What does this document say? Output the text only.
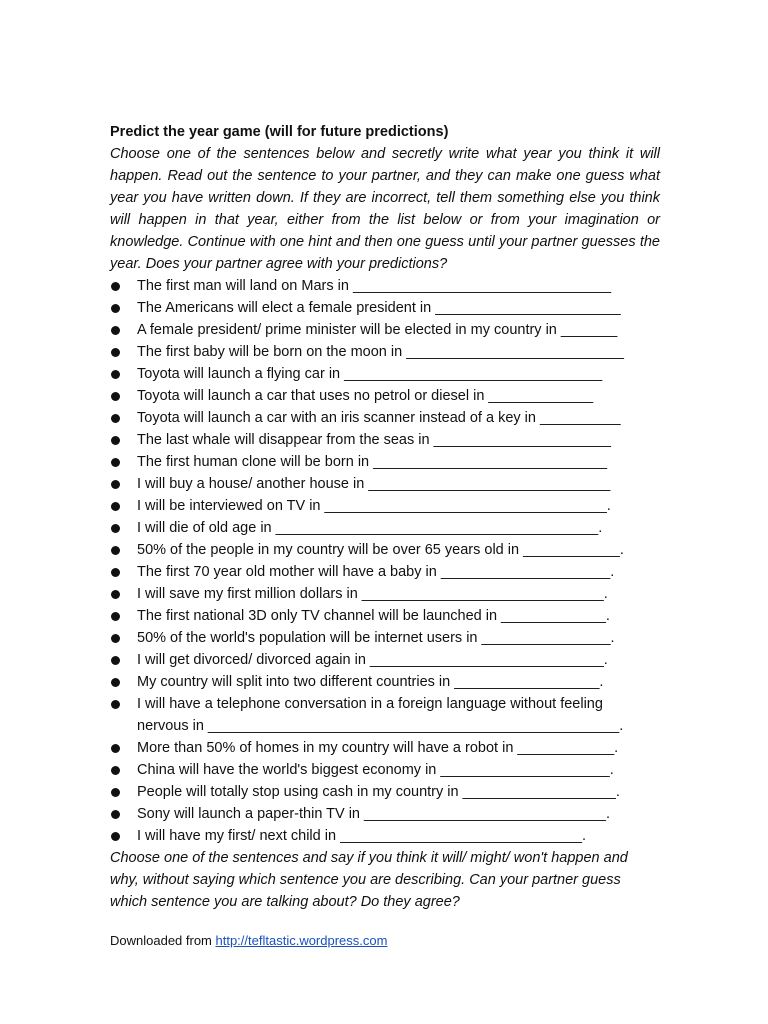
Predict the year game (will for future predictions)

Choose one of the sentences below and secretly write what year you think it will happen. Read out the sentence to your partner, and they can make one guess what year you have written down. If they are incorrect, tell them something else you think will happen in that year, either from the list below or from your imagination or knowledge. Continue with one hint and then one guess until your partner guesses the year. Does your partner agree with your predictions?

The first man will land on Mars in ________________________________
The Americans will elect a female president in _______________________
A female president/ prime minister will be elected in my country in _______
The first baby will be born on the moon in ___________________________
Toyota will launch a flying car in ________________________________
Toyota will launch a car that uses no petrol or diesel in _____________
Toyota will launch a car with an iris scanner instead of a key in __________
The last whale will disappear from the seas in ______________________
The first human clone will be born in _____________________________
I will buy a house/ another house in ______________________________
I will be interviewed on TV in ___________________________________.
I will die of old age in ________________________________________.
50% of the people in my country will be over 65 years old in ____________.
The first 70 year old mother will have a baby in _____________________.
I will save my first million dollars in ______________________________.
The first national 3D only TV channel will be launched in _____________.
50% of the world's population will be internet users in ________________.
I will get divorced/ divorced again in _____________________________.
My country will split into two different countries in __________________.
I will have a telephone conversation in a foreign language without feeling
nervous in ___________________________________________________.
More than 50% of homes in my country will have a robot in ____________.
China will have the world's biggest economy in _____________________.
People will totally stop using cash in my country in ___________________.
Sony will launch a paper-thin TV in ______________________________.
I will have my first/ next child in ______________________________.

Choose one of the sentences and say if you think it will/ might/ won't happen and why, without saying which sentence you are describing. Can your partner guess which sentence you are talking about? Do they agree?

Downloaded from http://tefltastic.wordpress.com
